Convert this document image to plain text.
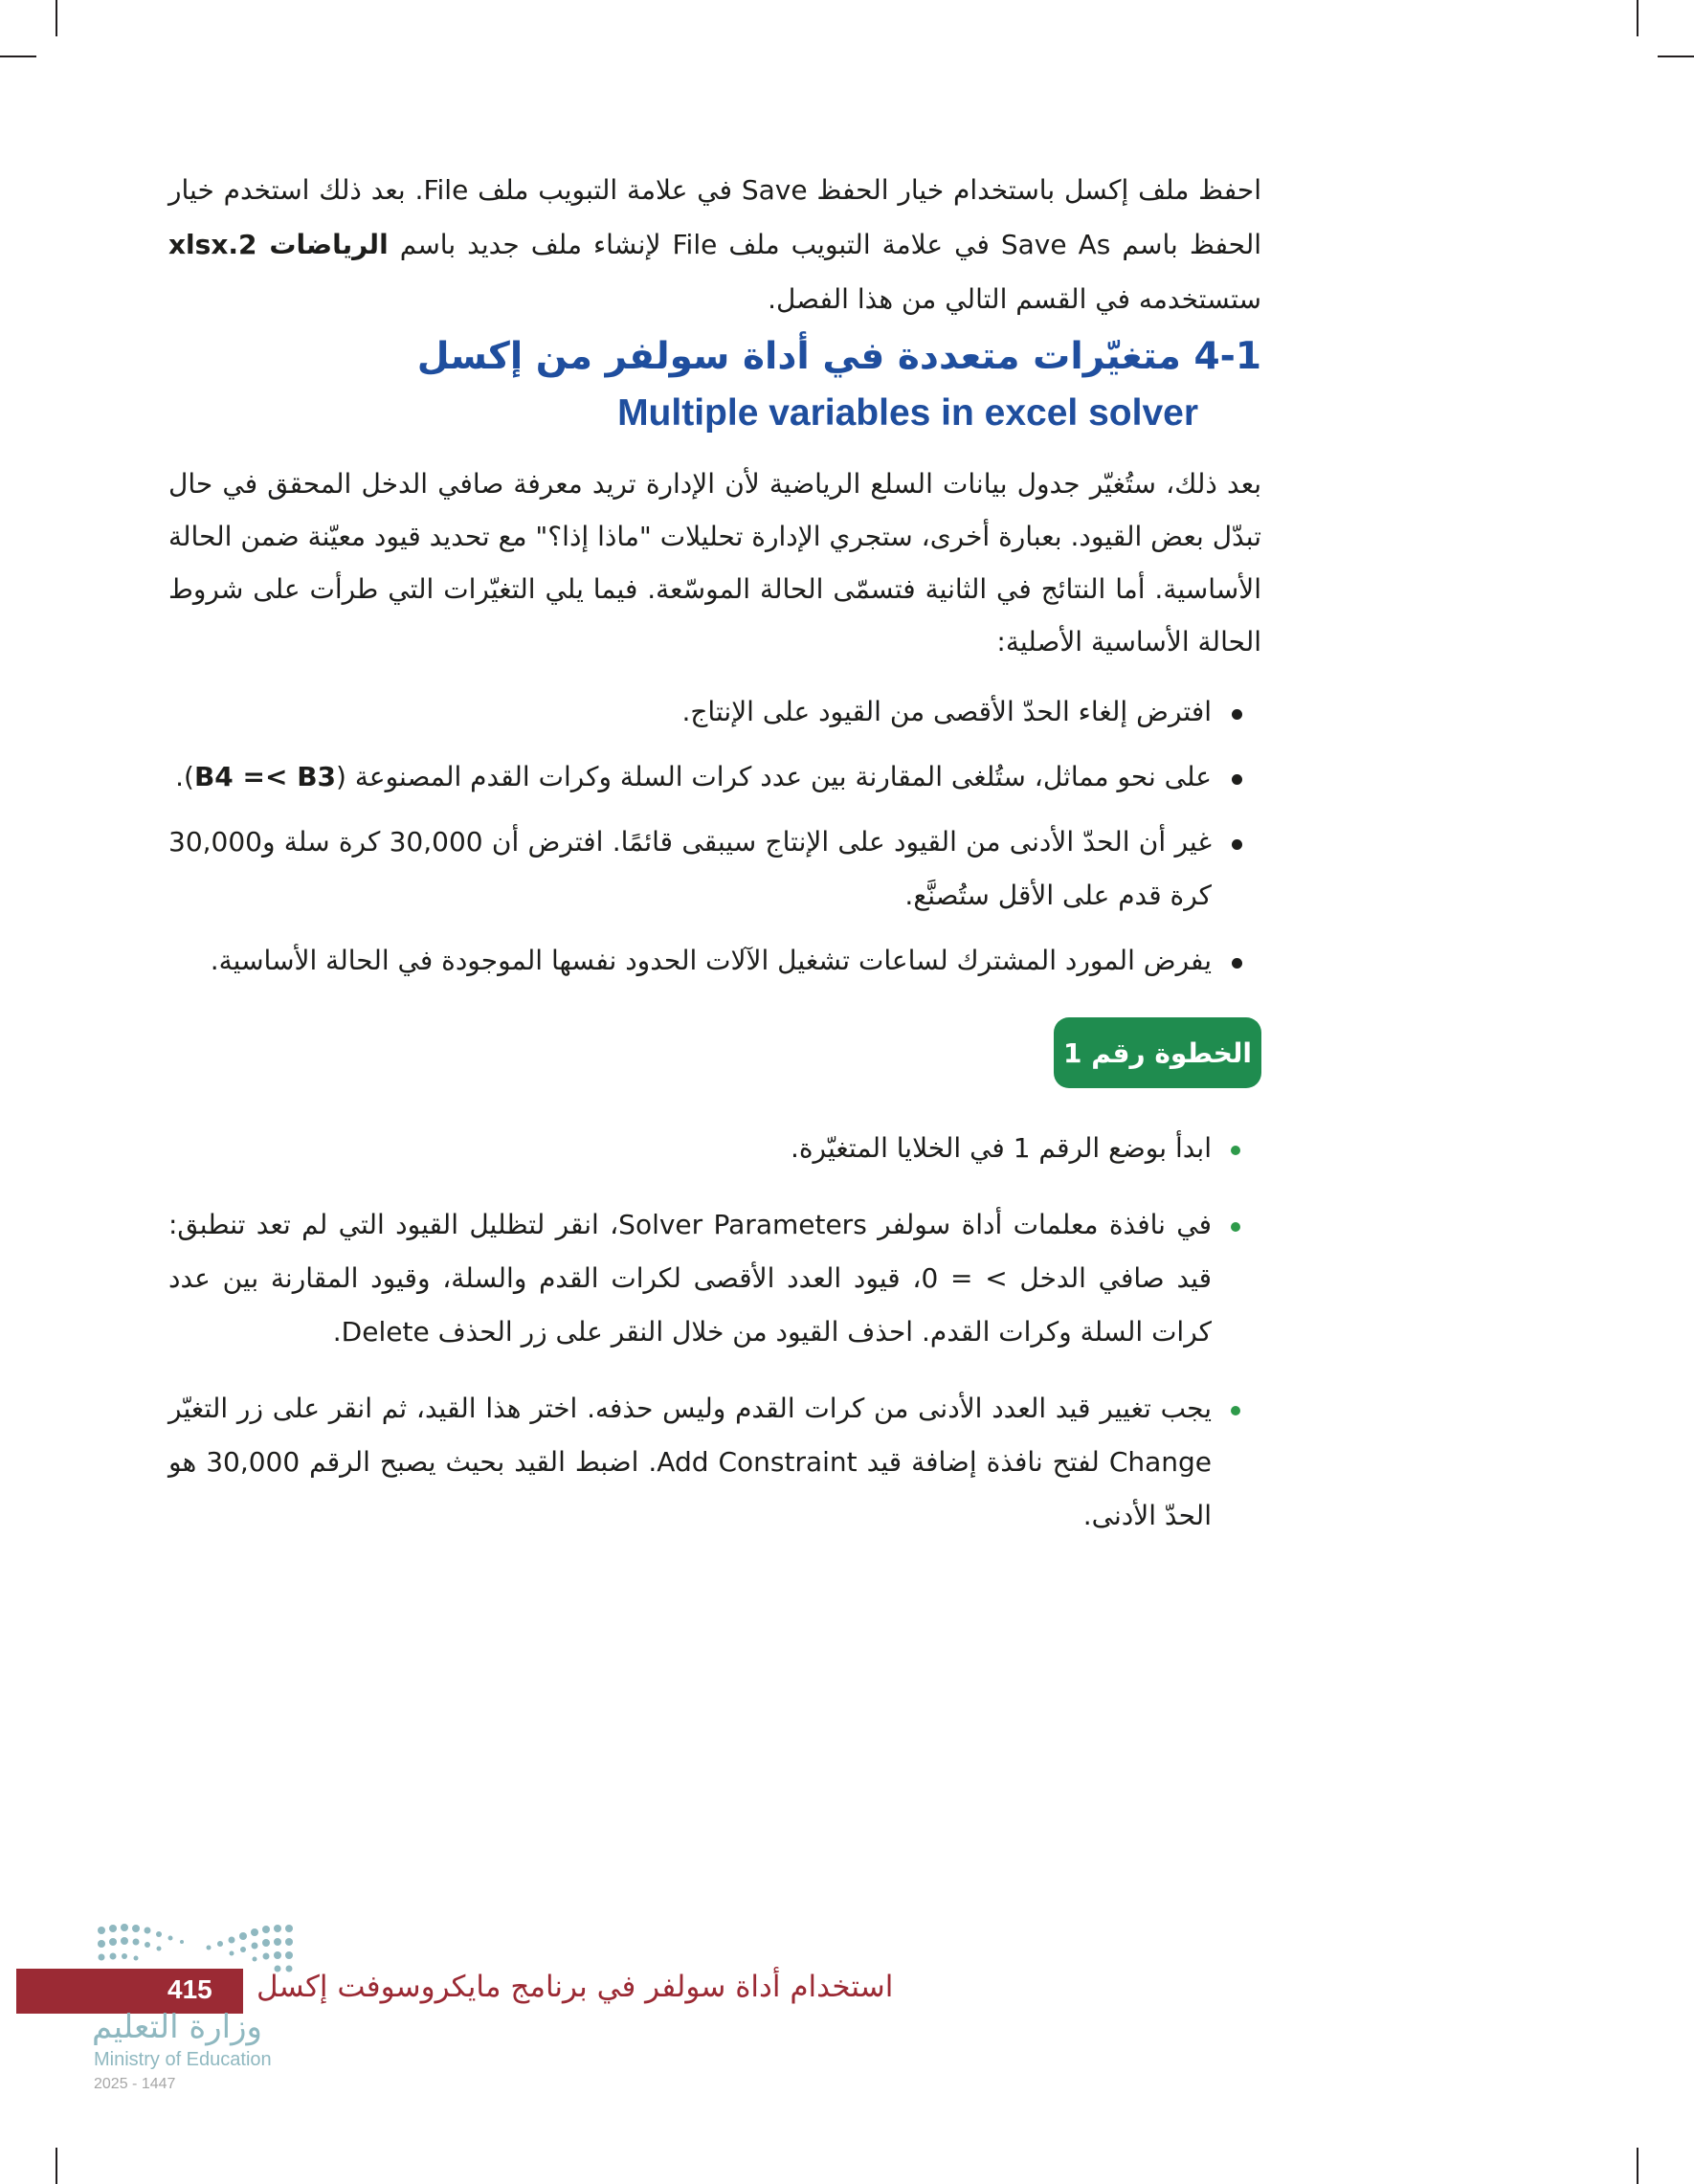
احفظ ملف إكسل باستخدام خيار الحفظ Save في علامة التبويب ملف File. بعد ذلك استخدم خيار الحفظ باسم Save As في علامة التبويب ملف File لإنشاء ملف جديد باسم الرياضات xlsx.2 ستستخدمه في القسم التالي من هذا الفصل.
4-1 متغيّرات متعددة في أداة سولفر من إكسل
Multiple variables in excel solver
بعد ذلك، ستُغيّر جدول بيانات السلع الرياضية لأن الإدارة تريد معرفة صافي الدخل المحقق في حال تبدّل بعض القيود. بعبارة أخرى، ستجري الإدارة تحليلات "ماذا إذا؟" مع تحديد قيود معيّنة ضمن الحالة الأساسية. أما النتائج في الثانية فتسمّى الحالة الموسّعة. فيما يلي التغيّرات التي طرأت على شروط الحالة الأساسية الأصلية:
افترض إلغاء الحدّ الأقصى من القيود على الإنتاج.
على نحو مماثل، ستُلغى المقارنة بين عدد كرات السلة وكرات القدم المصنوعة (B4 =< B3).
غير أن الحدّ الأدنى من القيود على الإنتاج سيبقى قائمًا. افترض أن 30,000 كرة سلة و30,000 كرة قدم على الأقل ستُصنَّع.
يفرض المورد المشترك لساعات تشغيل الآلات الحدود نفسها الموجودة في الحالة الأساسية.
الخطوة رقم 1
ابدأ بوضع الرقم 1 في الخلايا المتغيّرة.
في نافذة معلمات أداة سولفر Solver Parameters، انقر لتظليل القيود التي لم تعد تنطبق: قيد صافي الدخل > = 0، قيود العدد الأقصى لكرات القدم والسلة، وقيود المقارنة بين عدد كرات السلة وكرات القدم. احذف القيود من خلال النقر على زر الحذف Delete.
يجب تغيير قيد العدد الأدنى من كرات القدم وليس حذفه. اختر هذا القيد، ثم انقر على زر التغيّر Change لفتح نافذة إضافة قيد Add Constraint. اضبط القيد بحيث يصبح الرقم 30,000 هو الحدّ الأدنى.
415 استخدام أداة سولفر في برنامج مايكروسوفت إكسل
وزارة التعليم
Ministry of Education
2025 - 1447
